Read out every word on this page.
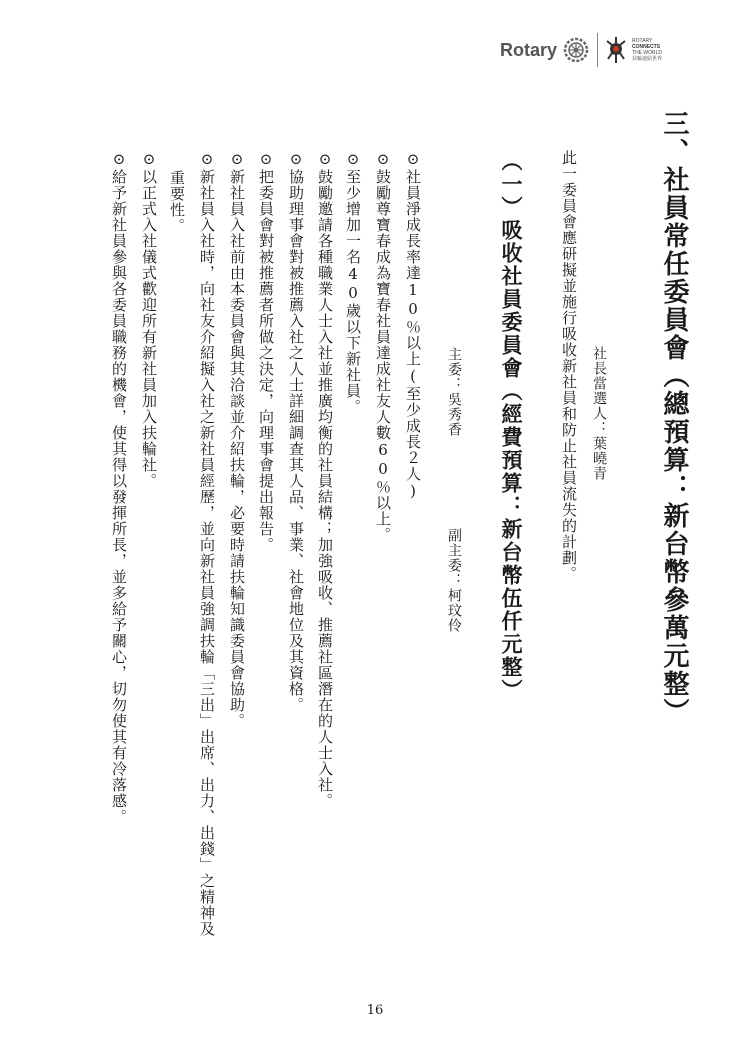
Rotary	ROTARY
CONNECTS
THE WORLD
扶輪連結世界
三、社員常任委員會（總預算：新台幣參萬元整）
社長當選人：葉曉青
此一委員會應研擬並施行吸收新社員和防止社員流失的計劃。
（一）吸收社員委員會（經費預算：新台幣伍仟元整）
主委：吳秀香
副主委：柯玟伶
⊙社員淨成長率達10％以上(至少成長２人)
⊙鼓勵尊寶春成為寶春社員達成社友人數60％以上。
⊙至少增加一名40歲以下新社員。
⊙鼓勵邀請各種職業人士入社並推廣均衡的社員結構；加強吸收、推薦社區潛在的人士入社。
⊙協助理事會對被推薦入社之人士詳細調查其人品、事業、社會地位及其資格。
⊙把委員會對被推薦者所做之決定，向理事會提出報告。
⊙新社員入社前由本委員會與其洽談並介紹扶輪，必要時請扶輪知識委員會協助。
⊙新社員入社時，向社友介紹擬入社之新社員經歷，並向新社員強調扶輪「三出」出席、出力、出錢」之精神及
重要性。
⊙以正式入社儀式歡迎所有新社員加入扶輪社。
⊙給予新社員參與各委員職務的機會，使其得以發揮所長，並多給予關心，切勿使其有冷落感。
16
